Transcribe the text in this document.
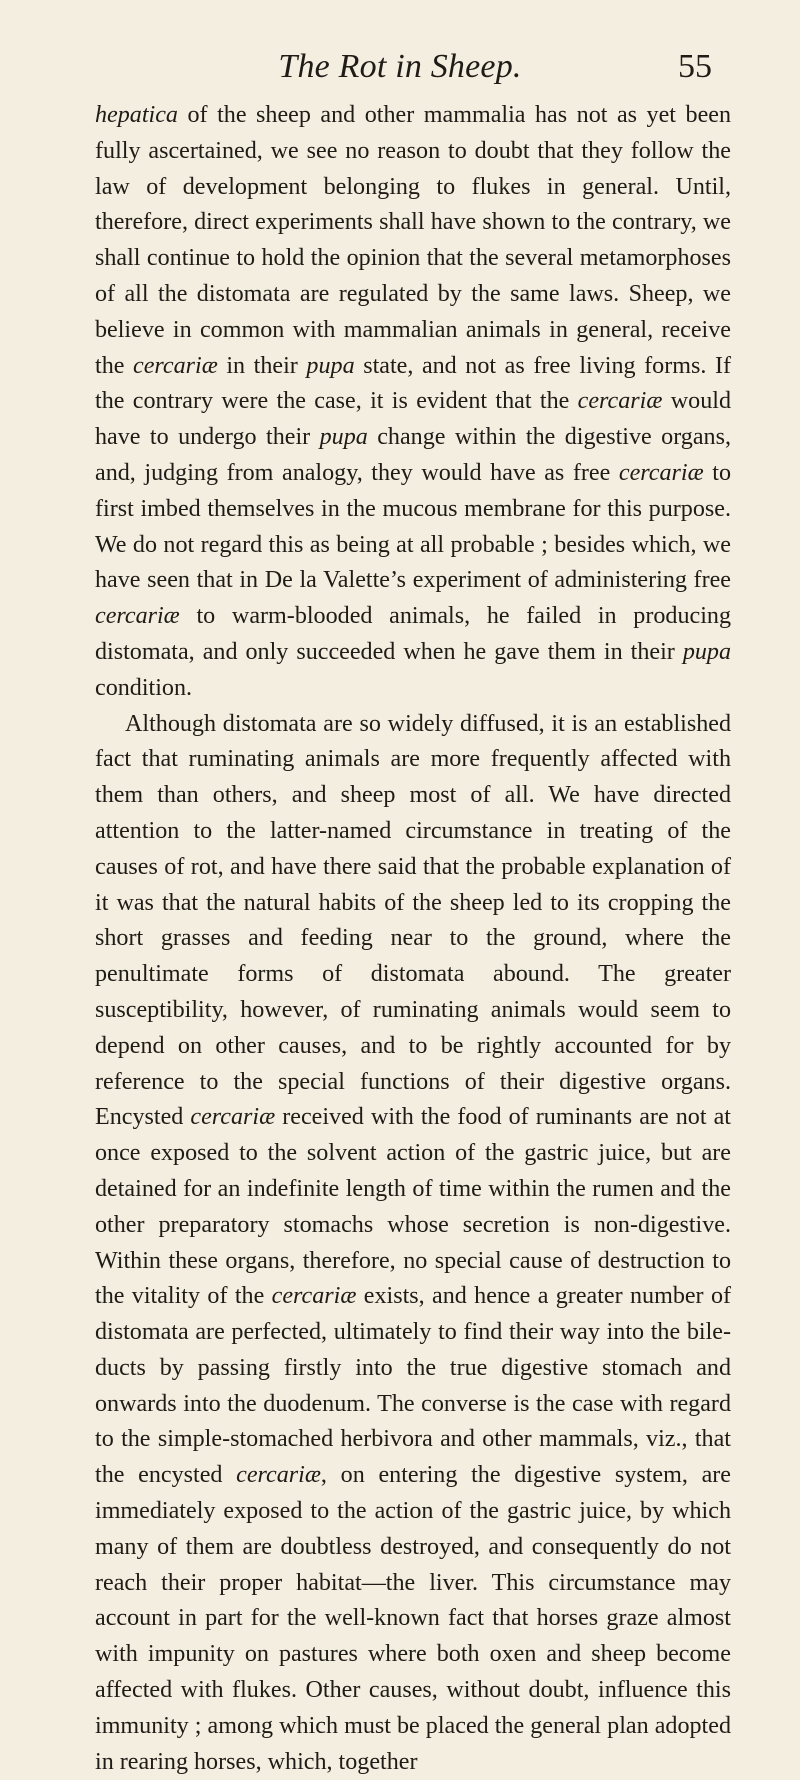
The Rot in Sheep.	55

hepatica of the sheep and other mammalia has not as yet been fully ascertained, we see no reason to doubt that they follow the law of development belonging to flukes in general. Until, therefore, direct experiments shall have shown to the contrary, we shall continue to hold the opinion that the several metamorphoses of all the distomata are regulated by the same laws. Sheep, we believe in common with mammalian animals in general, receive the cercariæ in their pupa state, and not as free living forms. If the contrary were the case, it is evident that the cercariæ would have to undergo their pupa change within the digestive organs, and, judging from analogy, they would have as free cercariæ to first imbed themselves in the mucous membrane for this purpose. We do not regard this as being at all probable ; besides which, we have seen that in De la Valette’s experiment of administering free cercariæ to warm-blooded animals, he failed in producing distomata, and only succeeded when he gave them in their pupa condition.

Although distomata are so widely diffused, it is an established fact that ruminating animals are more frequently affected with them than others, and sheep most of all. We have directed attention to the latter-named circumstance in treating of the causes of rot, and have there said that the probable explanation of it was that the natural habits of the sheep led to its cropping the short grasses and feeding near to the ground, where the penultimate forms of distomata abound. The greater susceptibility, however, of ruminating animals would seem to depend on other causes, and to be rightly accounted for by reference to the special functions of their digestive organs. Encysted cercariæ received with the food of ruminants are not at once exposed to the solvent action of the gastric juice, but are detained for an indefinite length of time within the rumen and the other preparatory stomachs whose secretion is non-digestive. Within these organs, therefore, no special cause of destruction to the vitality of the cercariæ exists, and hence a greater number of distomata are perfected, ultimately to find their way into the bile-ducts by passing firstly into the true digestive stomach and onwards into the duodenum. The converse is the case with regard to the simple-stomached herbivora and other mammals, viz., that the encysted cercariæ, on entering the digestive system, are immediately exposed to the action of the gastric juice, by which many of them are doubtless destroyed, and consequently do not reach their proper habitat—the liver. This circumstance may account in part for the well-known fact that horses graze almost with impunity on pastures where both oxen and sheep become affected with flukes. Other causes, without doubt, influence this immunity ; among which must be placed the general plan adopted in rearing horses, which, together
